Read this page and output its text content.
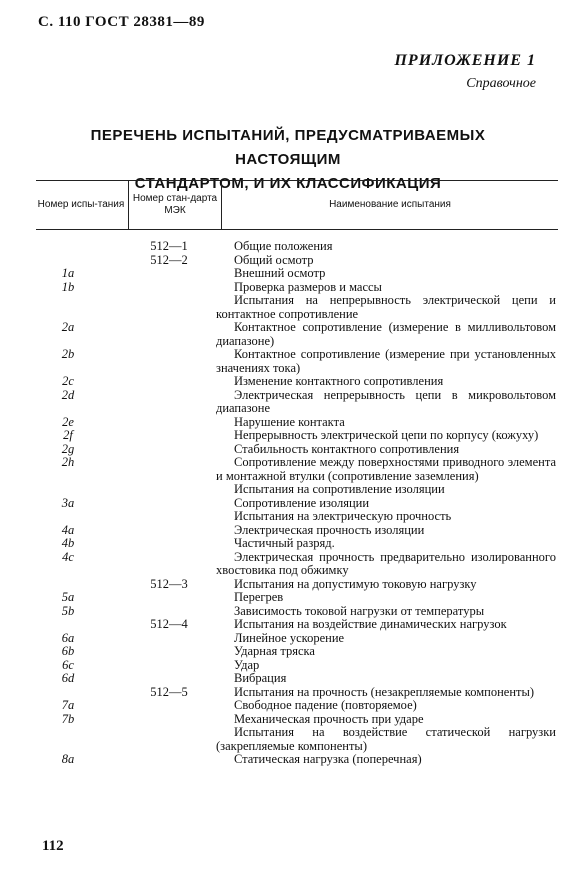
С. 110 ГОСТ 28381—89
ПРИЛОЖЕНИЕ 1
Справочное
ПЕРЕЧЕНЬ ИСПЫТАНИЙ, ПРЕДУСМАТРИВАЕМЫХ НАСТОЯЩИМ
СТАНДАРТОМ, И ИХ КЛАССИФИКАЦИЯ
Номер испы-тания
Номер стан-дарта МЭК
Наименование испытания
512—1	Общие положения
512—2	Общий осмотр
1a	Внешний осмотр
1b	Проверка размеров и массы
Испытания на непрерывность электрической цепи и контактное сопротивление
2a	Контактное сопротивление (измерение в милливольтовом диапазоне)
2b	Контактное сопротивление (измерение при установленных значениях тока)
2c	Изменение контактного сопротивления
2d	Электрическая непрерывность цепи в микровольтовом диапазоне
2e	Нарушение контакта
2f	Непрерывность электрической цепи по корпусу (кожуху)
2g	Стабильность контактного сопротивления
2h	Сопротивление между поверхностями приводного элемента и монтажной втулки (сопротивление заземления)
Испытания на сопротивление изоляции
3a	Сопротивление изоляции
Испытания на электрическую прочность
4a	Электрическая прочность изоляции
4b	Частичный разряд.
4c	Электрическая прочность предварительно изолированного хвостовика под обжимку
512—3	Испытания на допустимую токовую нагрузку
5a	Перегрев
5b	Зависимость токовой нагрузки от температуры
512—4	Испытания на воздействие динамических нагрузок
6a	Линейное ускорение
6b	Ударная тряска
6c	Удар
6d	Вибрация
512—5	Испытания на прочность (незакрепляемые компоненты)
7a	Свободное падение (повторяемое)
7b	Механическая прочность при ударе
Испытания на воздействие статической нагрузки (закрепляемые компоненты)
8a	Статическая нагрузка (поперечная)
112
